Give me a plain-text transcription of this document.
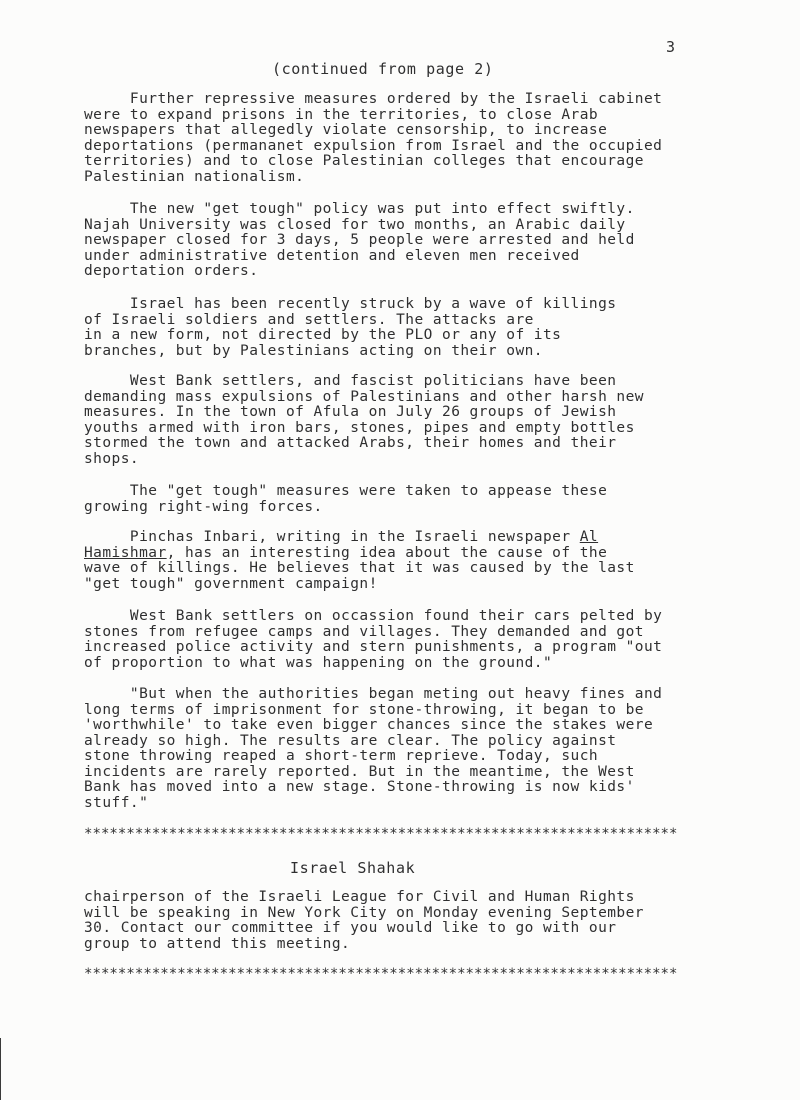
3
(continued from page 2)

Further repressive measures ordered by the Israeli cabinet
were to expand prisons in the territories, to close Arab
newspapers that allegedly violate censorship, to increase
deportations (permananet expulsion from Israel and the occupied
territories) and to close Palestinian colleges that encourage
Palestinian nationalism.

The new "get tough" policy was put into effect swiftly.
Najah University was closed for two months, an Arabic daily
newspaper closed for 3 days, 5 people were arrested and held
under administrative detention and eleven men received
deportation orders.

Israel has been recently struck by a wave of killings
of Israeli soldiers and settlers. The attacks are
in a new form, not directed by the PLO or any of its
branches, but by Palestinians acting on their own.

West Bank settlers, and fascist politicians have been
demanding mass expulsions of Palestinians and other harsh new
measures. In the town of Afula on July 26 groups of Jewish
youths armed with iron bars, stones, pipes and empty bottles
stormed the town and attacked Arabs, their homes and their
shops.

The "get tough" measures were taken to appease these
growing right-wing forces.

Pinchas Inbari, writing in the Israeli newspaper Al
Hamishmar, has an interesting idea about the cause of the
wave of killings. He believes that it was caused by the last
"get tough" government campaign!

West Bank settlers on occassion found their cars pelted by
stones from refugee camps and villages. They demanded and got
increased police activity and stern punishments, a program "out
of proportion to what was happening on the ground."

"But when the authorities began meting out heavy fines and
long terms of imprisonment for stone-throwing, it began to be
'worthwhile' to take even bigger chances since the stakes were
already so high. The results are clear. The policy against
stone throwing reaped a short-term reprieve. Today, such
incidents are rarely reported. But in the meantime, the West
Bank has moved into a new stage. Stone-throwing is now kids'
stuff."

**********************************************************************
Israel Shahak

chairperson of the Israeli League for Civil and Human Rights
will be speaking in New York City on Monday evening September
30. Contact our committee if you would like to go with our
group to attend this meeting.

**********************************************************************
